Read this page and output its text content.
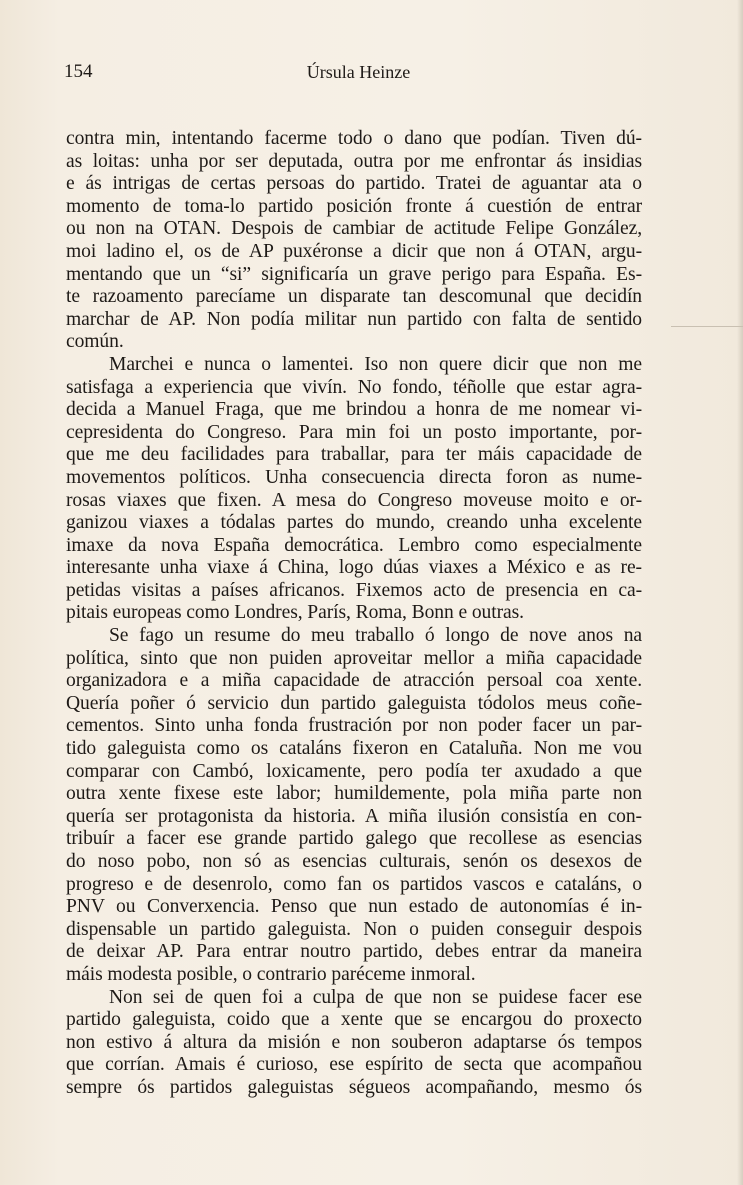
154	Úrsula Heinze
contra min, intentando facerme todo o dano que podían. Tiven dú-
as loitas: unha por ser deputada, outra por me enfrontar ás insidias
e ás intrigas de certas persoas do partido. Tratei de aguantar ata o
momento de toma-lo partido posición fronte á cuestión de entrar
ou non na OTAN. Despois de cambiar de actitude Felipe González,
moi ladino el, os de AP puxéronse a dicir que non á OTAN, argu-
mentando que un “si” significaría un grave perigo para España. Es-
te razoamento parecíame un disparate tan descomunal que decidín
marchar de AP. Non podía militar nun partido con falta de sentido
común.
Marchei e nunca o lamentei. Iso non quere dicir que non me
satisfaga a experiencia que vivín. No fondo, téñolle que estar agra-
decida a Manuel Fraga, que me brindou a honra de me nomear vi-
cepresidenta do Congreso. Para min foi un posto importante, por-
que me deu facilidades para traballar, para ter máis capacidade de
movementos políticos. Unha consecuencia directa foron as nume-
rosas viaxes que fixen. A mesa do Congreso moveuse moito e or-
ganizou viaxes a tódalas partes do mundo, creando unha excelente
imaxe da nova España democrática. Lembro como especialmente
interesante unha viaxe á China, logo dúas viaxes a México e as re-
petidas visitas a países africanos. Fixemos acto de presencia en ca-
pitais europeas como Londres, París, Roma, Bonn e outras.
Se fago un resume do meu traballo ó longo de nove anos na
política, sinto que non puiden aproveitar mellor a miña capacidade
organizadora e a miña capacidade de atracción persoal coa xente.
Quería poñer ó servicio dun partido galeguista tódolos meus coñe-
cementos. Sinto unha fonda frustración por non poder facer un par-
tido galeguista como os cataláns fixeron en Cataluña. Non me vou
comparar con Cambó, loxicamente, pero podía ter axudado a que
outra xente fixese este labor; humildemente, pola miña parte non
quería ser protagonista da historia. A miña ilusión consistía en con-
tribuír a facer ese grande partido galego que recollese as esencias
do noso pobo, non só as esencias culturais, senón os desexos de
progreso e de desenrolo, como fan os partidos vascos e cataláns, o
PNV ou Converxencia. Penso que nun estado de autonomías é in-
dispensable un partido galeguista. Non o puiden conseguir despois
de deixar AP. Para entrar noutro partido, debes entrar da maneira
máis modesta posible, o contrario paréceme inmoral.
Non sei de quen foi a culpa de que non se puidese facer ese
partido galeguista, coido que a xente que se encargou do proxecto
non estivo á altura da misión e non souberon adaptarse ós tempos
que corrían. Amais é curioso, ese espírito de secta que acompañou
sempre ós partidos galeguistas ségueos acompañando, mesmo ós
